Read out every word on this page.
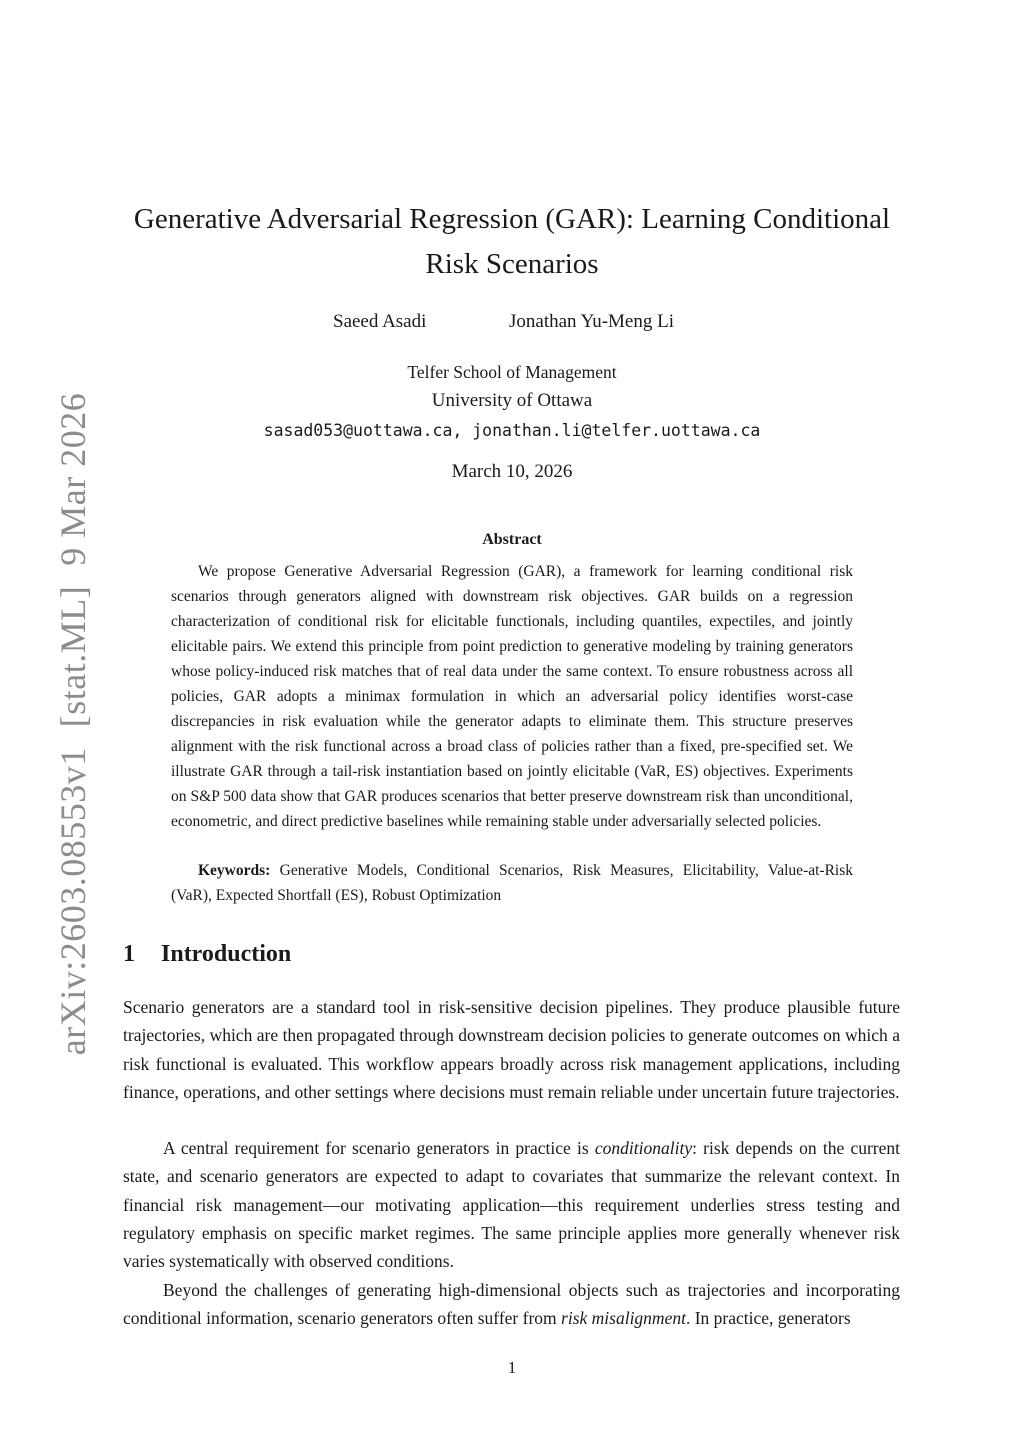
arXiv:2603.08553v1[stat.ML]9 Mar 2026
Generative Adversarial Regression (GAR): Learning Conditional Risk Scenarios
Saeed Asadi	Jonathan Yu-Meng Li
Telfer School of Management
University of Ottawa
sasad053@uottawa.ca, jonathan.li@telfer.uottawa.ca
March 10, 2026
Abstract

We propose Generative Adversarial Regression (GAR), a framework for learning conditional risk scenarios through generators aligned with downstream risk objectives. GAR builds on a regression characterization of conditional risk for elicitable functionals, including quantiles, expectiles, and jointly elicitable pairs. We extend this principle from point prediction to generative modeling by training generators whose policy-induced risk matches that of real data under the same context. To ensure robustness across all policies, GAR adopts a minimax formulation in which an adversarial policy identifies worst-case discrepancies in risk evaluation while the generator adapts to eliminate them. This structure preserves alignment with the risk functional across a broad class of policies rather than a fixed, pre-specified set. We illustrate GAR through a tail-risk instantiation based on jointly elicitable (VaR, ES) objectives. Experiments on S&P 500 data show that GAR produces scenarios that better preserve downstream risk than unconditional, econometric, and direct predictive baselines while remaining stable under adversarially selected policies.

Keywords: Generative Models, Conditional Scenarios, Risk Measures, Elicitability, Value-at-Risk (VaR), Expected Shortfall (ES), Robust Optimization

1 Introduction

Scenario generators are a standard tool in risk-sensitive decision pipelines. They produce plausible future trajectories, which are then propagated through downstream decision policies to generate outcomes on which a risk functional is evaluated. This workflow appears broadly across risk management applications, including finance, operations, and other settings where decisions must remain reliable under uncertain future trajectories.

A central requirement for scenario generators in practice is conditionality: risk depends on the current state, and scenario generators are expected to adapt to covariates that summarize the relevant context. In financial risk management—our motivating application—this requirement underlies stress testing and regulatory emphasis on specific market regimes. The same principle applies more generally whenever risk varies systematically with observed conditions.

Beyond the challenges of generating high-dimensional objects such as trajectories and incorporating conditional information, scenario generators often suffer from risk misalignment. In practice, generators

1
